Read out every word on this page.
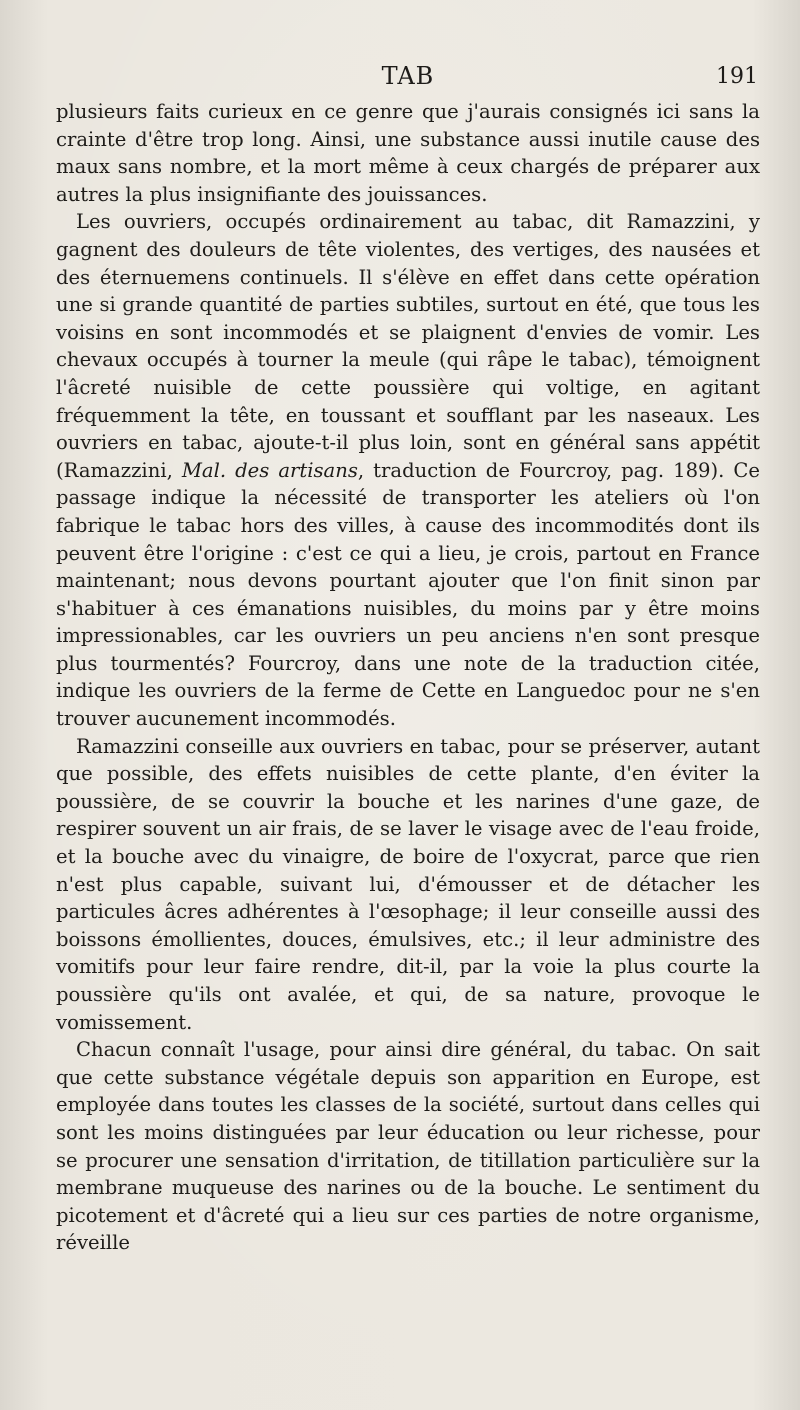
TAB	191

plusieurs faits curieux en ce genre que j'aurais consignés ici sans la crainte d'être trop long. Ainsi, une substance aussi inutile cause des maux sans nombre, et la mort même à ceux chargés de préparer aux autres la plus insignifiante des jouissances.

Les ouvriers, occupés ordinairement au tabac, dit Ramazzini, y gagnent des douleurs de tête violentes, des vertiges, des nausées et des éternuemens continuels. Il s'élève en effet dans cette opération une si grande quantité de parties subtiles, surtout en été, que tous les voisins en sont incommodés et se plaignent d'envies de vomir. Les chevaux occupés à tourner la meule (qui râpe le tabac), témoignent l'âcreté nuisible de cette poussière qui voltige, en agitant fréquemment la tête, en toussant et soufflant par les naseaux. Les ouvriers en tabac, ajoute-t-il plus loin, sont en général sans appétit (Ramazzini, Mal. des artisans, traduction de Fourcroy, pag. 189). Ce passage indique la nécessité de transporter les ateliers où l'on fabrique le tabac hors des villes, à cause des incommodités dont ils peuvent être l'origine : c'est ce qui a lieu, je crois, partout en France maintenant; nous devons pourtant ajouter que l'on finit sinon par s'habituer à ces émanations nuisibles, du moins par y être moins impressionables, car les ouvriers un peu anciens n'en sont presque plus tourmentés? Fourcroy, dans une note de la traduction citée, indique les ouvriers de la ferme de Cette en Languedoc pour ne s'en trouver aucunement incommodés.

Ramazzini conseille aux ouvriers en tabac, pour se préserver, autant que possible, des effets nuisibles de cette plante, d'en éviter la poussière, de se couvrir la bouche et les narines d'une gaze, de respirer souvent un air frais, de se laver le visage avec de l'eau froide, et la bouche avec du vinaigre, de boire de l'oxycrat, parce que rien n'est plus capable, suivant lui, d'émousser et de détacher les particules âcres adhérentes à l'œsophage; il leur conseille aussi des boissons émollientes, douces, émulsives, etc.; il leur administre des vomitifs pour leur faire rendre, dit-il, par la voie la plus courte la poussière qu'ils ont avalée, et qui, de sa nature, provoque le vomissement.

Chacun connaît l'usage, pour ainsi dire général, du tabac. On sait que cette substance végétale depuis son apparition en Europe, est employée dans toutes les classes de la société, surtout dans celles qui sont les moins distinguées par leur éducation ou leur richesse, pour se procurer une sensation d'irritation, de titillation particulière sur la membrane muqueuse des narines ou de la bouche. Le sentiment du picotement et d'âcreté qui a lieu sur ces parties de notre organisme, réveille
